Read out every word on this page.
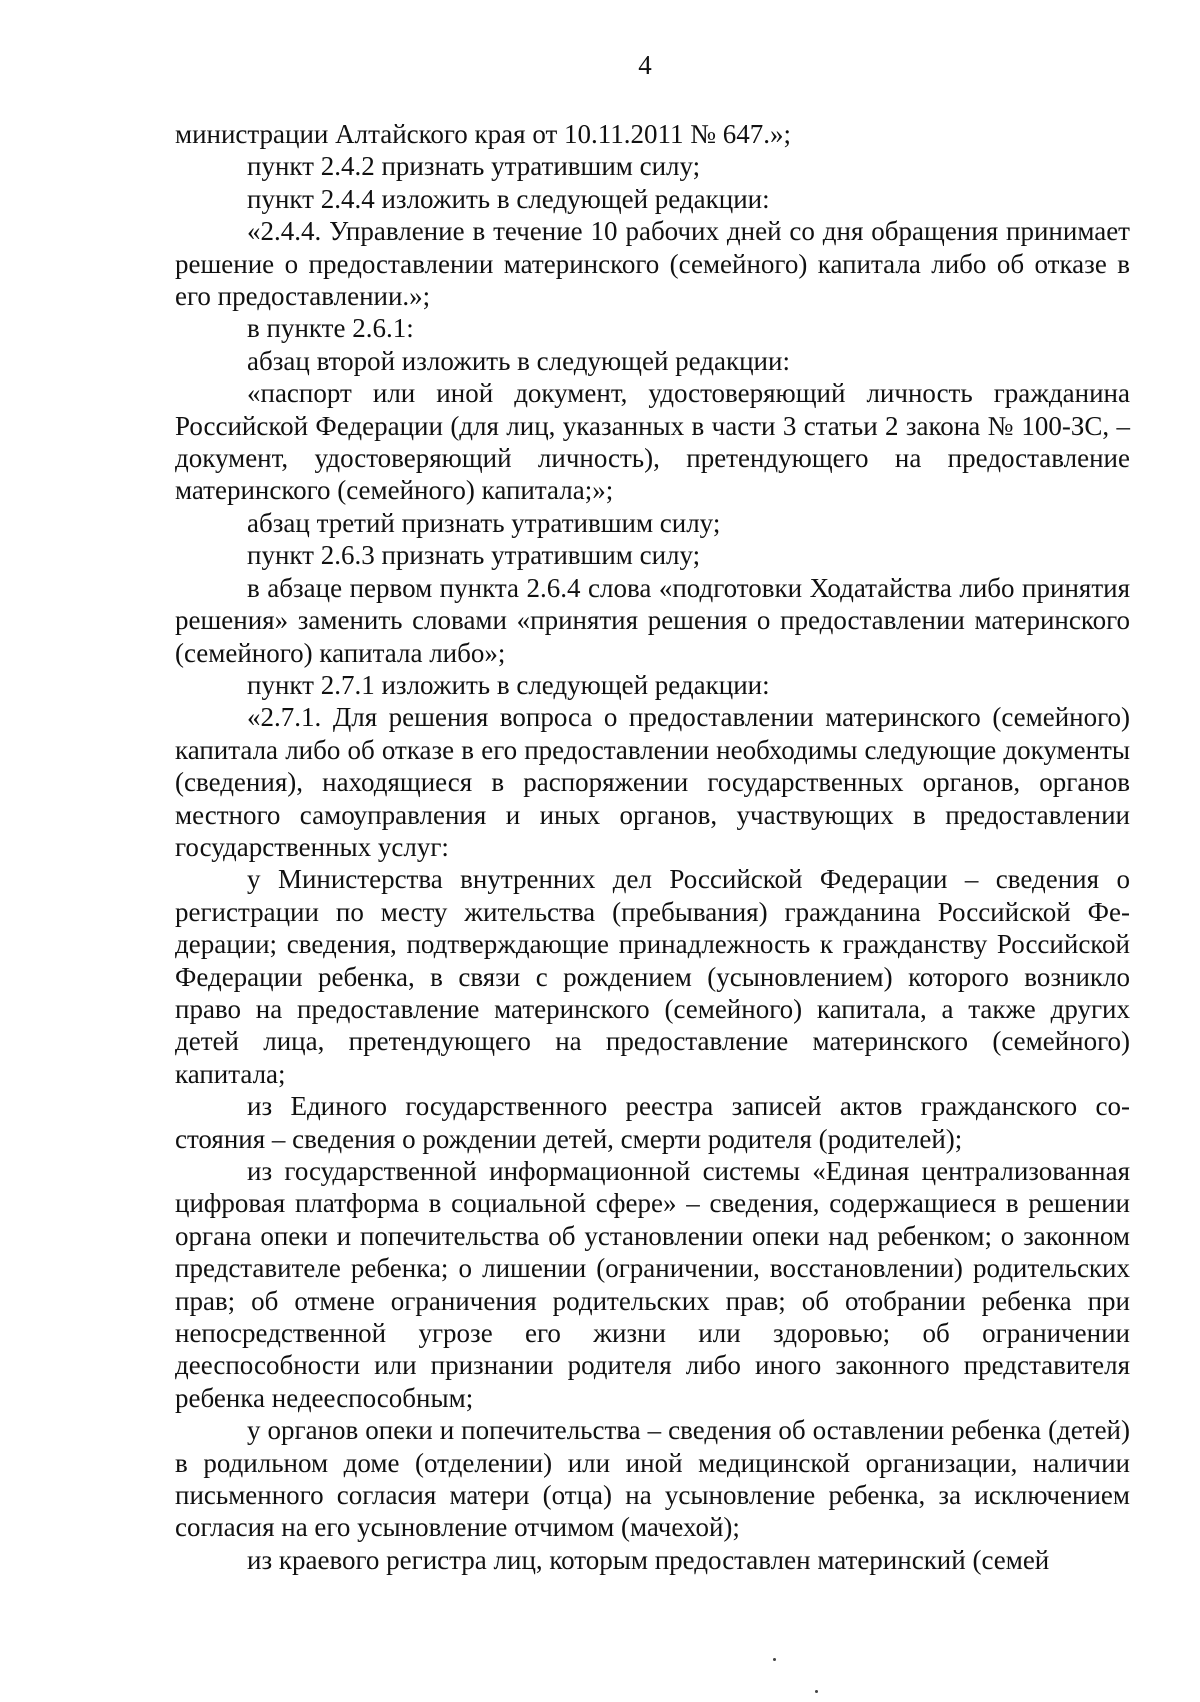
4

министрации Алтайского края от 10.11.2011 № 647.»;

пункт 2.4.2 признать утратившим силу;

пункт 2.4.4 изложить в следующей редакции:

«2.4.4. Управление в течение 10 рабочих дней со дня обращения принимает решение о предоставлении материнского (семейного) капитала либо об отказе в его предоставлении.»;

в пункте 2.6.1:

абзац второй изложить в следующей редакции:

«паспорт или иной документ, удостоверяющий личность гражданина Российской Федерации (для лиц, указанных в части 3 статьи 2 закона № 100-ЗС, – документ, удостоверяющий личность), претендующего на предоставление материнского (семейного) капитала;»;

абзац третий признать утратившим силу;

пункт 2.6.3 признать утратившим силу;

в абзаце первом пункта 2.6.4 слова «подготовки Ходатайства либо принятия решения» заменить словами «принятия решения о предоставлении материнского (семейного) капитала либо»;

пункт 2.7.1 изложить в следующей редакции:

«2.7.1. Для решения вопроса о предоставлении материнского (семейного) капитала либо об отказе в его предоставлении необходимы следующие документы (сведения), находящиеся в распоряжении государственных органов, органов местного самоуправления и иных органов, участвующих в предоставлении государственных услуг:

у Министерства внутренних дел Российской Федерации – сведения о регистрации по месту жительства (пребывания) гражданина Российской Федерации; сведения, подтверждающие принадлежность к гражданству Российской Федерации ребенка, в связи с рождением (усыновлением) которого возникло право на предоставление материнского (семейного) капитала, а также других детей лица, претендующего на предоставление материнского (семейного) капитала;

из Единого государственного реестра записей актов гражданского состояния – сведения о рождении детей, смерти родителя (родителей);

из государственной информационной системы «Единая централизованная цифровая платформа в социальной сфере» – сведения, содержащиеся в решении органа опеки и попечительства об установлении опеки над ребенком; о законном представителе ребенка; о лишении (ограничении, восстановлении) родительских прав; об отмене ограничения родительских прав; об отобрании ребенка при непосредственной угрозе его жизни или здоровью; об ограничении дееспособности или признании родителя либо иного законного представителя ребенка недееспособным;

у органов опеки и попечительства – сведения об оставлении ребенка (детей) в родильном доме (отделении) или иной медицинской организации, наличии письменного согласия матери (отца) на усыновление ребенка, за исключением согласия на его усыновление отчимом (мачехой);

из краевого регистра лиц, которым предоставлен материнский (семей
